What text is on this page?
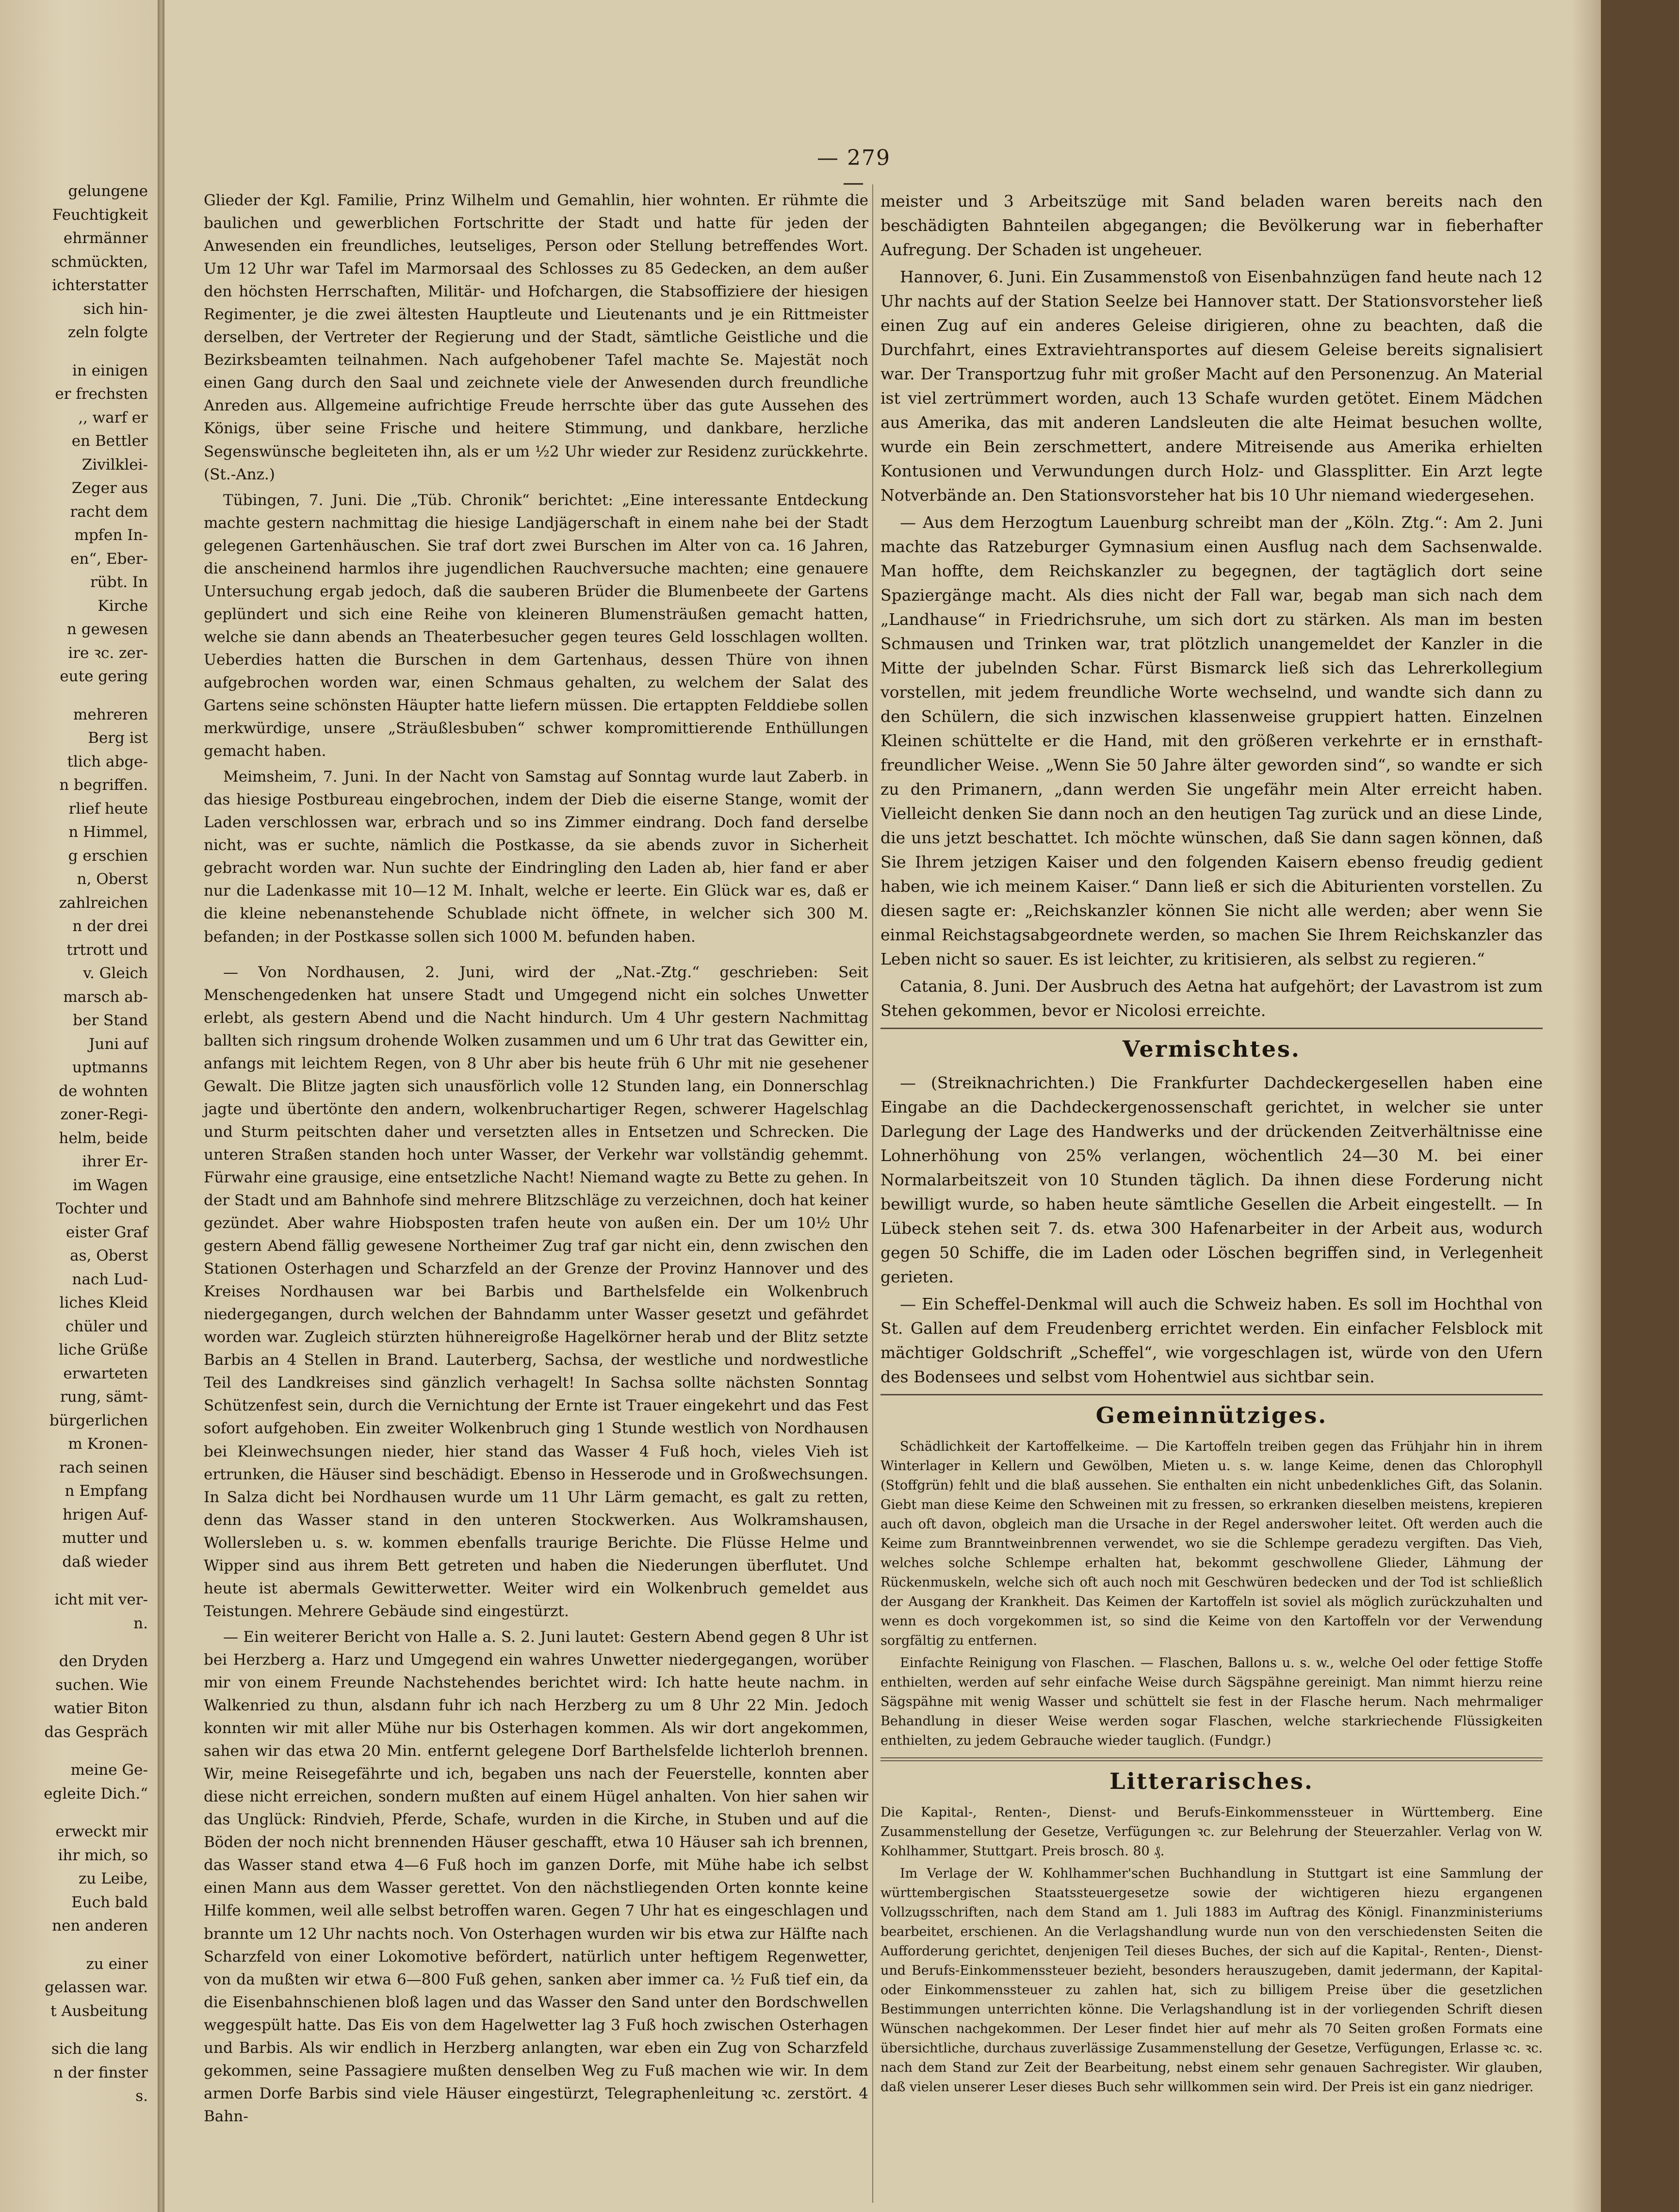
— 279 —

gelungene

Feuchtigkeit

ehrmänner

schmückten,

ichterstatter

sich hin-

zeln folgte

in einigen

er frechsten

‚, warf er

en Bettler

Zivilklei-

Zeger aus

racht dem

mpfen In-

en“, Eber-

rübt. In

Kirche

n gewesen

ire ꝛc. zer-

eute gering

mehreren

Berg ist

tlich abge-

n begriffen.

rlief heute

n Himmel,

g erschien

n, Oberst

zahlreichen

n der drei

trtrott und

v. Gleich

marsch ab-

ber Stand

Juni auf

uptmanns

de wohnten

zoner-Regi-

helm, beide

ihrer Er-

im Wagen

Tochter und

eister Graf

as, Oberst

nach Lud-

liches Kleid

chüler und

liche Grüße

erwarteten

rung, sämt-

bürgerlichen

m Kronen-

rach seinen

n Empfang

hrigen Auf-

mutter und

daß wieder

icht mit ver-

n.

den Dryden

suchen. Wie

watier Biton

das Gespräch

meine Ge-

egleite Dich.“

erweckt mir

ihr mich, so

zu Leibe,

Euch bald

nen anderen

zu einer

gelassen war.

t Ausbeitung

sich die lang

n der finster

s.

Glieder der Kgl. Familie, Prinz Wilhelm und Gemahlin, hier wohnten. Er rühmte die baulichen und gewerblichen Fortschritte der Stadt und hatte für jeden der Anwesenden ein freundliches, leutseliges, Person oder Stellung betreffendes Wort. Um 12 Uhr war Tafel im Marmorsaal des Schlosses zu 85 Gedecken, an dem außer den höchsten Herrschaften, Militär- und Hofchargen, die Stabsoffiziere der hiesigen Regimenter, je die zwei ältesten Hauptleute und Lieutenants und je ein Rittmeister derselben, der Vertreter der Regierung und der Stadt, sämtliche Geistliche und die Bezirksbeamten teilnahmen. Nach aufgehobener Tafel machte Se. Majestät noch einen Gang durch den Saal und zeichnete viele der Anwesenden durch freundliche Anreden aus. Allgemeine aufrichtige Freude herrschte über das gute Aussehen des Königs, über seine Frische und heitere Stimmung, und dankbare, herzliche Segenswünsche begleiteten ihn, als er um ½2 Uhr wieder zur Residenz zurückkehrte. (St.-Anz.)

Tübingen, 7. Juni. Die „Tüb. Chronik“ berichtet: „Eine interessante Entdeckung machte gestern nachmittag die hiesige Landjägerschaft in einem nahe bei der Stadt gelegenen Gartenhäuschen. Sie traf dort zwei Burschen im Alter von ca. 16 Jahren, die anscheinend harmlos ihre jugendlichen Rauchversuche machten; eine genauere Untersuchung ergab jedoch, daß die sauberen Brüder die Blumenbeete der Gartens geplündert und sich eine Reihe von kleineren Blumensträußen gemacht hatten, welche sie dann abends an Theaterbesucher gegen teures Geld losschlagen wollten. Ueberdies hatten die Burschen in dem Gartenhaus, dessen Thüre von ihnen aufgebrochen worden war, einen Schmaus gehalten, zu welchem der Salat des Gartens seine schönsten Häupter hatte liefern müssen. Die ertappten Felddiebe sollen merkwürdige, unsere „Sträußlesbuben“ schwer kompromittierende Enthüllungen gemacht haben.

Meimsheim, 7. Juni. In der Nacht von Samstag auf Sonntag wurde laut Zaberb. in das hiesige Postbureau eingebrochen, indem der Dieb die eiserne Stange, womit der Laden verschlossen war, erbrach und so ins Zimmer eindrang. Doch fand derselbe nicht, was er suchte, nämlich die Postkasse, da sie abends zuvor in Sicherheit gebracht worden war. Nun suchte der Eindringling den Laden ab, hier fand er aber nur die Ladenkasse mit 10—12 M. Inhalt, welche er leerte. Ein Glück war es, daß er die kleine nebenanstehende Schublade nicht öffnete, in welcher sich 300 M. befanden; in der Postkasse sollen sich 1000 M. befunden haben.

— Von Nordhausen, 2. Juni, wird der „Nat.-Ztg.“ geschrieben: Seit Menschengedenken hat unsere Stadt und Umgegend nicht ein solches Unwetter erlebt, als gestern Abend und die Nacht hindurch. Um 4 Uhr gestern Nachmittag ballten sich ringsum drohende Wolken zusammen und um 6 Uhr trat das Gewitter ein, anfangs mit leichtem Regen, von 8 Uhr aber bis heute früh 6 Uhr mit nie gesehener Gewalt. Die Blitze jagten sich unausförlich volle 12 Stunden lang, ein Donnerschlag jagte und übertönte den andern, wolkenbruchartiger Regen, schwerer Hagelschlag und Sturm peitschten daher und versetzten alles in Entsetzen und Schrecken. Die unteren Straßen standen hoch unter Wasser, der Verkehr war vollständig gehemmt. Fürwahr eine grausige, eine entsetzliche Nacht! Niemand wagte zu Bette zu gehen. In der Stadt und am Bahnhofe sind mehrere Blitzschläge zu verzeichnen, doch hat keiner gezündet. Aber wahre Hiobsposten trafen heute von außen ein. Der um 10½ Uhr gestern Abend fällig gewesene Northeimer Zug traf gar nicht ein, denn zwischen den Stationen Osterhagen und Scharzfeld an der Grenze der Provinz Hannover und des Kreises Nordhausen war bei Barbis und Barthelsfelde ein Wolkenbruch niedergegangen, durch welchen der Bahndamm unter Wasser gesetzt und gefährdet worden war. Zugleich stürzten hühnereigroße Hagelkörner herab und der Blitz setzte Barbis an 4 Stellen in Brand. Lauterberg, Sachsa, der westliche und nordwestliche Teil des Landkreises sind gänzlich verhagelt! In Sachsa sollte nächsten Sonntag Schützenfest sein, durch die Vernichtung der Ernte ist Trauer eingekehrt und das Fest sofort aufgehoben. Ein zweiter Wolkenbruch ging 1 Stunde westlich von Nordhausen bei Kleinwechsungen nieder, hier stand das Wasser 4 Fuß hoch, vieles Vieh ist ertrunken, die Häuser sind beschädigt. Ebenso in Hesserode und in Großwechsungen. In Salza dicht bei Nordhausen wurde um 11 Uhr Lärm gemacht, es galt zu retten, denn das Wasser stand in den unteren Stockwerken. Aus Wolkramshausen, Wollersleben u. s. w. kommen ebenfalls traurige Berichte. Die Flüsse Helme und Wipper sind aus ihrem Bett getreten und haben die Niederungen überflutet. Und heute ist abermals Gewitterwetter. Weiter wird ein Wolkenbruch gemeldet aus Teistungen. Mehrere Gebäude sind eingestürzt.

— Ein weiterer Bericht von Halle a. S. 2. Juni lautet: Gestern Abend gegen 8 Uhr ist bei Herzberg a. Harz und Umgegend ein wahres Unwetter niedergegangen, worüber mir von einem Freunde Nachstehendes berichtet wird: Ich hatte heute nachm. in Walkenried zu thun, alsdann fuhr ich nach Herzberg zu um 8 Uhr 22 Min. Jedoch konnten wir mit aller Mühe nur bis Osterhagen kommen. Als wir dort angekommen, sahen wir das etwa 20 Min. entfernt gelegene Dorf Barthelsfelde lichterloh brennen. Wir, meine Reisegefährte und ich, begaben uns nach der Feuerstelle, konnten aber diese nicht erreichen, sondern mußten auf einem Hügel anhalten. Von hier sahen wir das Unglück: Rindvieh, Pferde, Schafe, wurden in die Kirche, in Stuben und auf die Böden der noch nicht brennenden Häuser geschafft, etwa 10 Häuser sah ich brennen, das Wasser stand etwa 4—6 Fuß hoch im ganzen Dorfe, mit Mühe habe ich selbst einen Mann aus dem Wasser gerettet. Von den nächstliegenden Orten konnte keine Hilfe kommen, weil alle selbst betroffen waren. Gegen 7 Uhr hat es eingeschlagen und brannte um 12 Uhr nachts noch. Von Osterhagen wurden wir bis etwa zur Hälfte nach Scharzfeld von einer Lokomotive befördert, natürlich unter heftigem Regenwetter, von da mußten wir etwa 6—800 Fuß gehen, sanken aber immer ca. ½ Fuß tief ein, da die Eisenbahnschienen bloß lagen und das Wasser den Sand unter den Bordschwellen weggespült hatte. Das Eis von dem Hagelwetter lag 3 Fuß hoch zwischen Osterhagen und Barbis. Als wir endlich in Herzberg anlangten, war eben ein Zug von Scharzfeld gekommen, seine Passagiere mußten denselben Weg zu Fuß machen wie wir. In dem armen Dorfe Barbis sind viele Häuser eingestürzt, Telegraphenleitung ꝛc. zerstört. 4 Bahn-

meister und 3 Arbeitszüge mit Sand beladen waren bereits nach den beschädigten Bahnteilen abgegangen; die Bevölkerung war in fieberhafter Aufregung. Der Schaden ist ungeheuer.

Hannover, 6. Juni. Ein Zusammenstoß von Eisenbahnzügen fand heute nach 12 Uhr nachts auf der Station Seelze bei Hannover statt. Der Stationsvorsteher ließ einen Zug auf ein anderes Geleise dirigieren, ohne zu beachten, daß die Durchfahrt, eines Extraviehtransportes auf diesem Geleise bereits signalisiert war. Der Transportzug fuhr mit großer Macht auf den Personenzug. An Material ist viel zertrümmert worden, auch 13 Schafe wurden getötet. Einem Mädchen aus Amerika, das mit anderen Landsleuten die alte Heimat besuchen wollte, wurde ein Bein zerschmettert, andere Mitreisende aus Amerika erhielten Kontusionen und Verwundungen durch Holz- und Glassplitter. Ein Arzt legte Notverbände an. Den Stationsvorsteher hat bis 10 Uhr niemand wiedergesehen.

— Aus dem Herzogtum Lauenburg schreibt man der „Köln. Ztg.“: Am 2. Juni machte das Ratzeburger Gymnasium einen Ausflug nach dem Sachsenwalde. Man hoffte, dem Reichskanzler zu begegnen, der tagtäglich dort seine Spaziergänge macht. Als dies nicht der Fall war, begab man sich nach dem „Landhause“ in Friedrichsruhe, um sich dort zu stärken. Als man im besten Schmausen und Trinken war, trat plötzlich unangemeldet der Kanzler in die Mitte der jubelnden Schar. Fürst Bismarck ließ sich das Lehrerkollegium vorstellen, mit jedem freundliche Worte wechselnd, und wandte sich dann zu den Schülern, die sich inzwischen klassenweise gruppiert hatten. Einzelnen Kleinen schüttelte er die Hand, mit den größeren verkehrte er in ernsthaft-freundlicher Weise. „Wenn Sie 50 Jahre älter geworden sind“, so wandte er sich zu den Primanern, „dann werden Sie ungefähr mein Alter erreicht haben. Vielleicht denken Sie dann noch an den heutigen Tag zurück und an diese Linde, die uns jetzt beschattet. Ich möchte wünschen, daß Sie dann sagen können, daß Sie Ihrem jetzigen Kaiser und den folgenden Kaisern ebenso freudig gedient haben, wie ich meinem Kaiser.“ Dann ließ er sich die Abiturienten vorstellen. Zu diesen sagte er: „Reichskanzler können Sie nicht alle werden; aber wenn Sie einmal Reichstagsabgeordnete werden, so machen Sie Ihrem Reichskanzler das Leben nicht so sauer. Es ist leichter, zu kritisieren, als selbst zu regieren.“

Catania, 8. Juni. Der Ausbruch des Aetna hat aufgehört; der Lavastrom ist zum Stehen gekommen, bevor er Nicolosi erreichte.

Vermischtes.

— (Streiknachrichten.) Die Frankfurter Dachdeckergesellen haben eine Eingabe an die Dachdeckergenossenschaft gerichtet, in welcher sie unter Darlegung der Lage des Handwerks und der drückenden Zeitverhältnisse eine Lohnerhöhung von 25% verlangen, wöchentlich 24—30 M. bei einer Normalarbeitszeit von 10 Stunden täglich. Da ihnen diese Forderung nicht bewilligt wurde, so haben heute sämtliche Gesellen die Arbeit eingestellt. — In Lübeck stehen seit 7. ds. etwa 300 Hafenarbeiter in der Arbeit aus, wodurch gegen 50 Schiffe, die im Laden oder Löschen begriffen sind, in Verlegenheit gerieten.

— Ein Scheffel-Denkmal will auch die Schweiz haben. Es soll im Hochthal von St. Gallen auf dem Freudenberg errichtet werden. Ein einfacher Felsblock mit mächtiger Goldschrift „Scheffel“, wie vorgeschlagen ist, würde von den Ufern des Bodensees und selbst vom Hohentwiel aus sichtbar sein.

Gemeinnütziges.

Schädlichkeit der Kartoffelkeime. — Die Kartoffeln treiben gegen das Frühjahr hin in ihrem Winterlager in Kellern und Gewölben, Mieten u. s. w. lange Keime, denen das Chlorophyll (Stoffgrün) fehlt und die blaß aussehen. Sie enthalten ein nicht unbedenkliches Gift, das Solanin. Giebt man diese Keime den Schweinen mit zu fressen, so erkranken dieselben meistens, krepieren auch oft davon, obgleich man die Ursache in der Regel anderswoher leitet. Oft werden auch die Keime zum Branntweinbrennen verwendet, wo sie die Schlempe geradezu vergiften. Das Vieh, welches solche Schlempe erhalten hat, bekommt geschwollene Glieder, Lähmung der Rückenmuskeln, welche sich oft auch noch mit Geschwüren bedecken und der Tod ist schließlich der Ausgang der Krankheit. Das Keimen der Kartoffeln ist soviel als möglich zurückzuhalten und wenn es doch vorgekommen ist, so sind die Keime von den Kartoffeln vor der Verwendung sorgfältig zu entfernen.

Einfachte Reinigung von Flaschen. — Flaschen, Ballons u. s. w., welche Oel oder fettige Stoffe enthielten, werden auf sehr einfache Weise durch Sägspähne gereinigt. Man nimmt hierzu reine Sägspähne mit wenig Wasser und schüttelt sie fest in der Flasche herum. Nach mehrmaliger Behandlung in dieser Weise werden sogar Flaschen, welche starkriechende Flüssigkeiten enthielten, zu jedem Gebrauche wieder tauglich. (Fundgr.)

Litterarisches.

Die Kapital-, Renten-, Dienst- und Berufs-Einkommenssteuer in Württemberg. Eine Zusammenstellung der Gesetze, Verfügungen ꝛc. zur Belehrung der Steuerzahler. Verlag von W. Kohlhammer, Stuttgart. Preis brosch. 80 ₰.

Im Verlage der W. Kohlhammer'schen Buchhandlung in Stuttgart ist eine Sammlung der württembergischen Staatssteuergesetze sowie der wichtigeren hiezu ergangenen Vollzugsschriften, nach dem Stand am 1. Juli 1883 im Auftrag des Königl. Finanzministeriums bearbeitet, erschienen. An die Verlagshandlung wurde nun von den verschiedensten Seiten die Aufforderung gerichtet, denjenigen Teil dieses Buches, der sich auf die Kapital-, Renten-, Dienst- und Berufs-Einkommenssteuer bezieht, besonders herauszugeben, damit jedermann, der Kapital- oder Einkommenssteuer zu zahlen hat, sich zu billigem Preise über die gesetzlichen Bestimmungen unterrichten könne. Die Verlagshandlung ist in der vorliegenden Schrift diesen Wünschen nachgekommen. Der Leser findet hier auf mehr als 70 Seiten großen Formats eine übersichtliche, durchaus zuverlässige Zusammenstellung der Gesetze, Verfügungen, Erlasse ꝛc. ꝛc. nach dem Stand zur Zeit der Bearbeitung, nebst einem sehr genauen Sachregister. Wir glauben, daß vielen unserer Leser dieses Buch sehr willkommen sein wird. Der Preis ist ein ganz niedriger.
